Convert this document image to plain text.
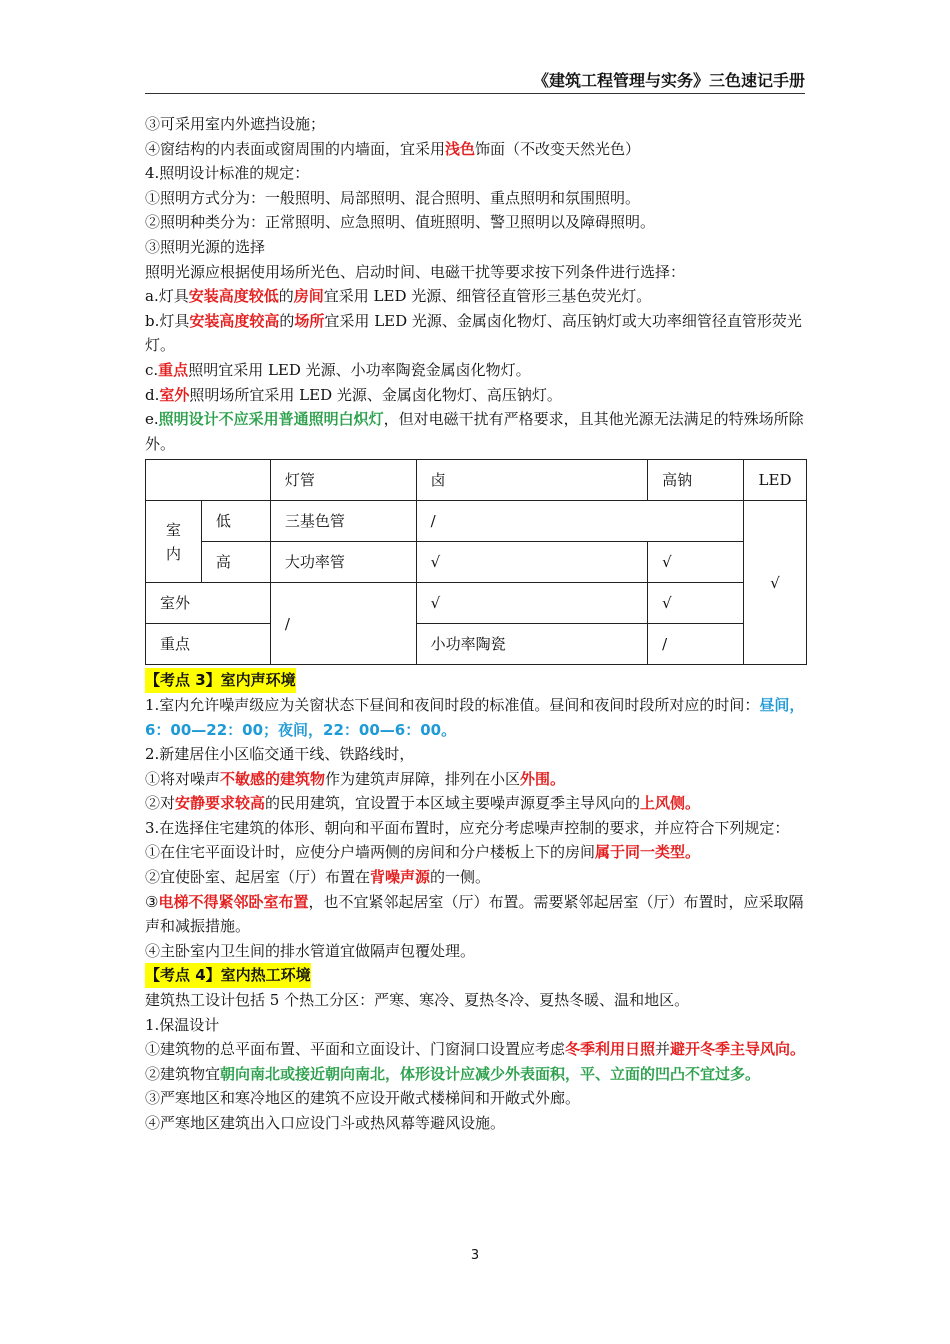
《建筑工程管理与实务》三色速记手册

③可采用室内外遮挡设施；

④窗结构的内表面或窗周围的内墙面，宜采用浅色饰面（不改变天然光色）

4.照明设计标准的规定：

①照明方式分为：一般照明、局部照明、混合照明、重点照明和氛围照明。

②照明种类分为：正常照明、应急照明、值班照明、警卫照明以及障碍照明。

③照明光源的选择

照明光源应根据使用场所光色、启动时间、电磁干扰等要求按下列条件进行选择：

a.灯具安装高度较低的房间宜采用 LED 光源、细管径直管形三基色荧光灯。

b.灯具安装高度较高的场所宜采用 LED 光源、金属卤化物灯、高压钠灯或大功率细管径直管形荧光灯。

c.重点照明宜采用 LED 光源、小功率陶瓷金属卤化物灯。

d.室外照明场所宜采用 LED 光源、金属卤化物灯、高压钠灯。

e.照明设计不应采用普通照明白炽灯，但对电磁干扰有严格要求，且其他光源无法满足的特殊场所除外。

		灯管	卤	高钠	LED
室
内	低	三基色管	/		√
	高	大功率管	√	√	
室外		/	√	√	
重点			小功率陶瓷	/	

【考点 3】室内声环境

1.室内允许噪声级应为关窗状态下昼间和夜间时段的标准值。昼间和夜间时段所对应的时间：昼间，6：00—22：00；夜间，22：00—6：00。

2.新建居住小区临交通干线、铁路线时，

①将对噪声不敏感的建筑物作为建筑声屏障，排列在小区外围。

②对安静要求较高的民用建筑，宜设置于本区域主要噪声源夏季主导风向的上风侧。

3.在选择住宅建筑的体形、朝向和平面布置时，应充分考虑噪声控制的要求，并应符合下列规定：

①在住宅平面设计时，应使分户墙两侧的房间和分户楼板上下的房间属于同一类型。

②宜使卧室、起居室（厅）布置在背噪声源的一侧。

③电梯不得紧邻卧室布置，也不宜紧邻起居室（厅）布置。需要紧邻起居室（厅）布置时，应采取隔声和减振措施。

④主卧室内卫生间的排水管道宜做隔声包覆处理。

【考点 4】室内热工环境

建筑热工设计包括 5 个热工分区：严寒、寒冷、夏热冬冷、夏热冬暖、温和地区。

1.保温设计

①建筑物的总平面布置、平面和立面设计、门窗洞口设置应考虑冬季利用日照并避开冬季主导风向。

②建筑物宜朝向南北或接近朝向南北，体形设计应减少外表面积，平、立面的凹凸不宜过多。

③严寒地区和寒冷地区的建筑不应设开敞式楼梯间和开敞式外廊。

④严寒地区建筑出入口应设门斗或热风幕等避风设施。

3
